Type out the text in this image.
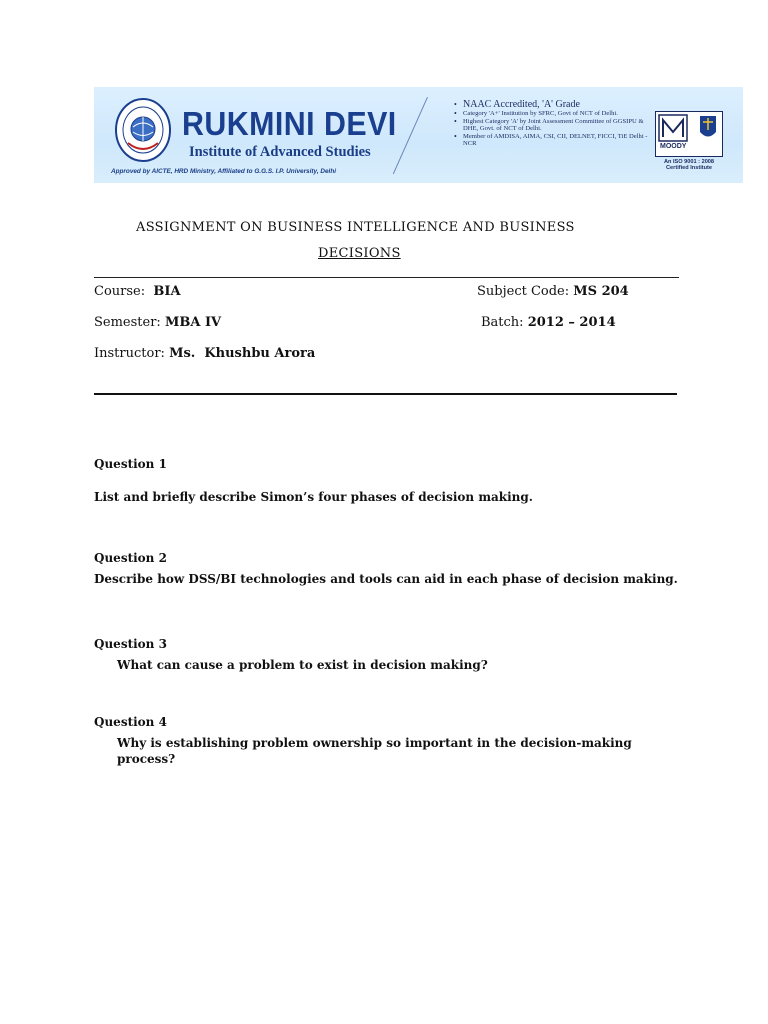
RUKMINI DEVI
Institute of Advanced Studies
Approved by AICTE, HRD Ministry, Affiliated to G.G.S. I.P. University, Delhi
• NAAC Accredited, 'A' Grade
• Category 'A+' Institution by SFRC, Govt of NCT of Delhi.
• Highest Category 'A' by Joint Assessment Committee of GGSIPU & DHE, Govt. of NCT of Delhi.
• Member of AMDISA, AIMA, CSI, CII, DELNET, FICCI, TiE Delhi -NCR	MOODY
An ISO 9001 : 2008 Certified Institute
ASSIGNMENT ON BUSINESS INTELLIGENCE AND BUSINESS
DECISIONS
Course: BIA	Subject Code: MS 204
Semester: MBA IV	Batch: 2012 – 2014
Instructor: Ms.  Khushbu Arora
Question 1
List and briefly describe Simon’s four phases of decision making.
Question 2
Describe how DSS/BI technologies and tools can aid in each phase of decision making.
Question 3
What can cause a problem to exist in decision making?
Question 4
Why is establishing problem ownership so important in the decision-making process?
